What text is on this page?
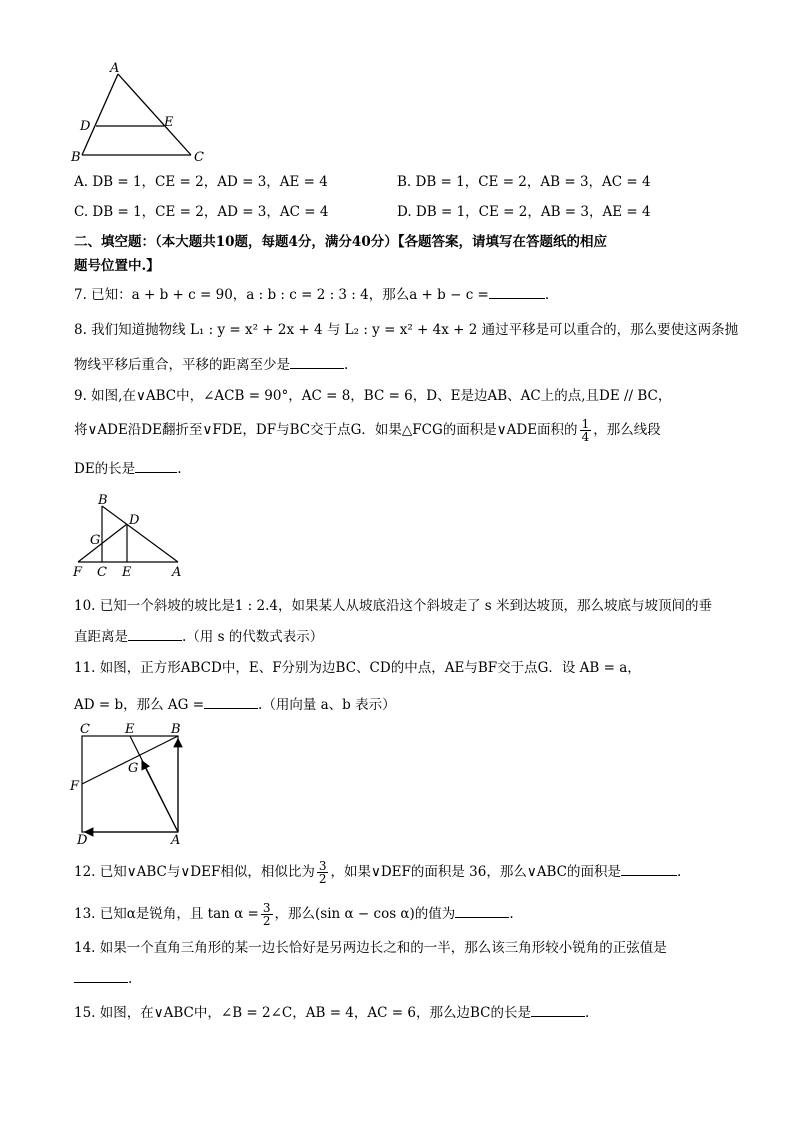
A
D	E
B	C
A. DB = 1，CE = 2，AD = 3，AE = 4	B. DB = 1，CE = 2，AB = 3，AC = 4
C. DB = 1，CE = 2，AD = 3，AC = 4	D. DB = 1，CE = 2，AB = 3，AE = 4
二、填空题：（本大题共10题，每题4分，满分40分）【各题答案，请填写在答题纸的相应
题号位置中.】
7. 已知：a + b + c = 90，a : b : c = 2 : 3 : 4，那么a + b − c =	.
8. 我们知道抛物线 L₁ : y = x² + 2x + 4 与 L₂ : y = x² + 4x + 2 通过平移是可以重合的，那么要使这两条抛
物线平移后重合，平移的距离至少是	.
9. 如图,在∨ABC中，∠ACB = 90°，AC = 8，BC = 6，D、E是边AB、AC上的点,且DE // BC，
将∨ADE沿DE翻折至∨FDE，DF与BC交于点G．如果△FCG的面积是∨ADE面积的 $\frac{1}{4}$ ，那么线段
DE的长是	.
B
D
G
F C E	A
10. 已知一个斜坡的坡比是1 : 2.4，如果某人从坡底沿这个斜坡走了 s 米到达坡顶，那么坡底与坡顶间的垂
直距离是	.（用 s 的代数式表示）
11. 如图，正方形ABCD中，E、F分别为边BC、CD的中点，AE与BF交于点G．设 AB = a，
AD = b，那么 AG =	.（用向量 a、b 表示）
C	E	B
G
F
D	A
12. 已知∨ABC与∨DEF相似，相似比为 $\frac{3}{2}$ ，如果∨DEF的面积是 36，那么∨ABC的面积是	.
13. 已知α是锐角，且 $\tan \alpha = \frac{3}{2}$ ，那么(sin α − cos α)的值为	.
14. 如果一个直角三角形的某一边长恰好是另两边长之和的一半，那么该三角形较小锐角的正弦值是
.
15. 如图，在∨ABC中，∠B = 2∠C，AB = 4，AC = 6，那么边BC的长是	.
